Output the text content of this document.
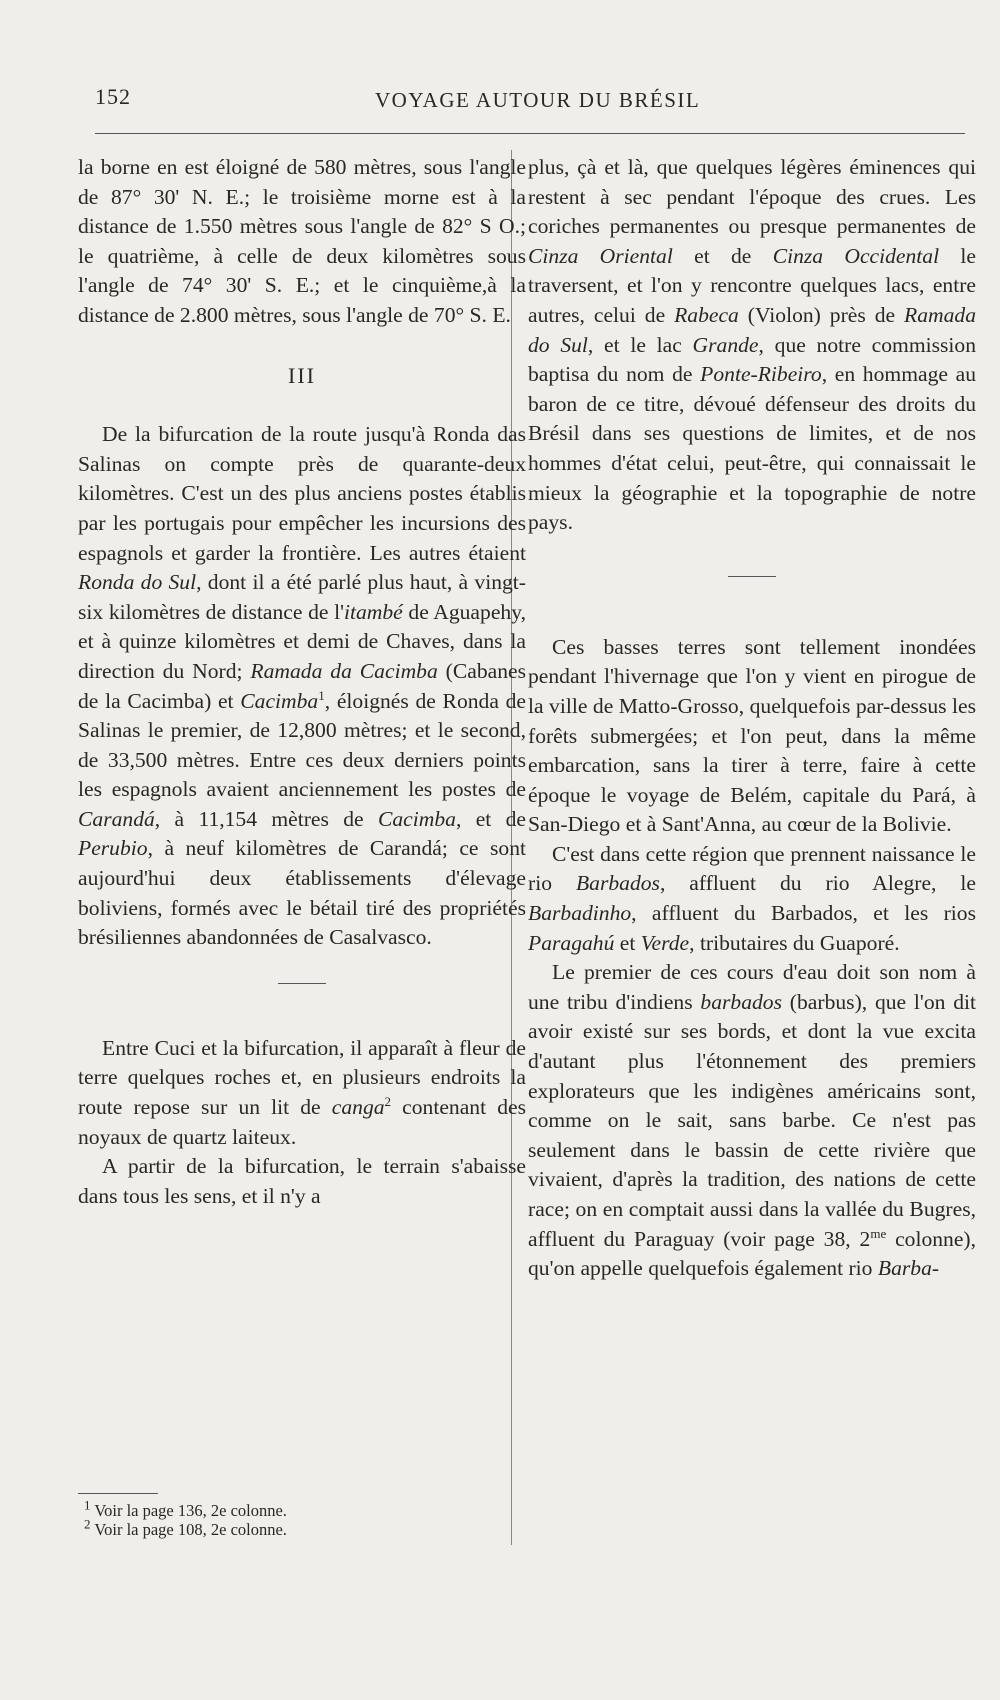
152	VOYAGE AUTOUR DU BRÉSIL

la borne en est éloigné de 580 mètres, sous l'angle de 87° 30' N. E.; le troisième morne est à la distance de 1.550 mètres sous l'angle de 82° S O.; le quatrième, à celle de deux kilomètres sous l'angle de 74° 30' S. E.; et le cinquième,à la distance de 2.800 mètres, sous l'angle de 70° S. E.

III

De la bifurcation de la route jusqu'à Ronda das Salinas on compte près de quarante-deux kilomètres. C'est un des plus anciens postes établis par les portugais pour empêcher les incursions des espagnols et garder la frontière. Les autres étaient Ronda do Sul, dont il a été parlé plus haut, à vingt-six kilomètres de distance de l'itambé de Aguapehy, et à quinze kilomètres et demi de Chaves, dans la direction du Nord; Ramada da Cacimba (Cabanes de la Cacimba) et Cacimba$^1$, éloignés de Ronda de Salinas le premier, de 12,800 mètres; et le second, de 33,500 mètres. Entre ces deux derniers points les espagnols avaient anciennement les postes de Carandá, à 11,154 mètres de Cacimba, et de Perubio, à neuf kilomètres de Carandá; ce sont aujourd'hui deux établissements d'élevage boliviens, formés avec le bétail tiré des propriétés brésiliennes abandonnées de Casalvasco.

Entre Cuci et la bifurcation, il apparaît à fleur de terre quelques roches et, en plusieurs endroits la route repose sur un lit de canga$^2$ contenant des noyaux de quartz laiteux.

A partir de la bifurcation, le terrain s'abaisse dans tous les sens, et il n'y a

plus, çà et là, que quelques légères éminences qui restent à sec pendant l'époque des crues. Les coriches permanentes ou presque permanentes de Cinza Oriental et de Cinza Occidental le traversent, et l'on y rencontre quelques lacs, entre autres, celui de Rabeca (Violon) près de Ramada do Sul, et le lac Grande, que notre commission baptisa du nom de Ponte-Ribeiro, en hommage au baron de ce titre, dévoué défenseur des droits du Brésil dans ses questions de limites, et de nos hommes d'état celui, peut-être, qui connaissait le mieux la géographie et la topographie de notre pays.

Ces basses terres sont tellement inondées pendant l'hivernage que l'on y vient en pirogue de la ville de Matto-Grosso, quelquefois par-dessus les forêts submergées; et l'on peut, dans la même embarcation, sans la tirer à terre, faire à cette époque le voyage de Belém, capitale du Pará, à San-Diego et à Sant'Anna, au cœur de la Bolivie.

C'est dans cette région que prennent naissance le rio Barbados, affluent du rio Alegre, le Barbadinho, affluent du Barbados, et les rios Paragahú et Verde, tributaires du Guaporé.

Le premier de ces cours d'eau doit son nom à une tribu d'indiens barbados (barbus), que l'on dit avoir existé sur ses bords, et dont la vue excita d'autant plus l'étonnement des premiers explorateurs que les indigènes américains sont, comme on le sait, sans barbe. Ce n'est pas seulement dans le bassin de cette rivière que vivaient, d'après la tradition, des nations de cette race; on en comptait aussi dans la vallée du Bugres, affluent du Paraguay (voir page 38, $2^{me}$ colonne), qu'on appelle quelquefois également rio Barba-

$^1$ Voir la page 136, 2e colonne.

$^2$ Voir la page 108, 2e colonne.
